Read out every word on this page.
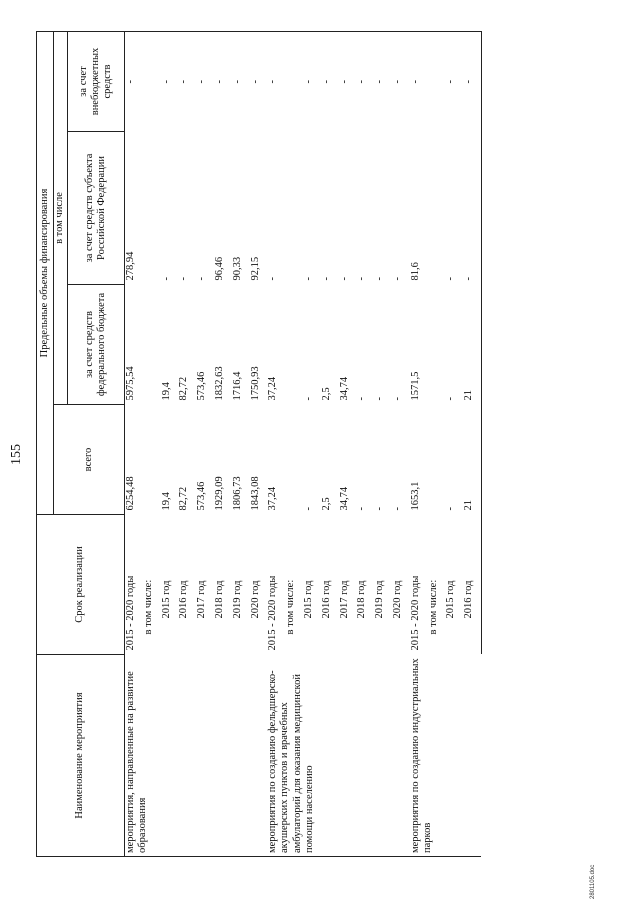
155
Наименование мероприятия	Срок реализации	Предельные объемы финансирования			
		всего	в том числе		
			за счет средств федерального бюджета	за счет средств субъекта Российской Федерации	за счет внебюджетных средств
мероприятия, направленные на развитие образования	2015 - 2020 годы	6254,48	5975,54	278,94	-
	в том числе:				
	2015 год	19,4	19,4	-	-
	2016 год	82,72	82,72	-	-
	2017 год	573,46	573,46	-	-
	2018 год	1929,09	1832,63	96,46	-
	2019 год	1806,73	1716,4	90,33	-
	2020 год	1843,08	1750,93	92,15	-
мероприятия по созданию фельдшерско-акушерских пунктов и врачебных амбулаторий для оказания медицинской помощи населению	2015 - 2020 годы	37,24	37,24	-	-
	в том числе:				
	2015 год	-	-	-	-
	2016 год	2,5	2,5	-	-
	2017 год	34,74	34,74	-	-
	2018 год	-	-	-	-
	2019 год	-	-	-	-
	2020 год	-	-	-	-
мероприятия по созданию индустриальных парков	2015 - 2020 годы	1653,1	1571,5	81,6	-
	в том числе:				
	2015 год	-	-	-	-
	2016 год	21	21	-	-
2801105.doc
